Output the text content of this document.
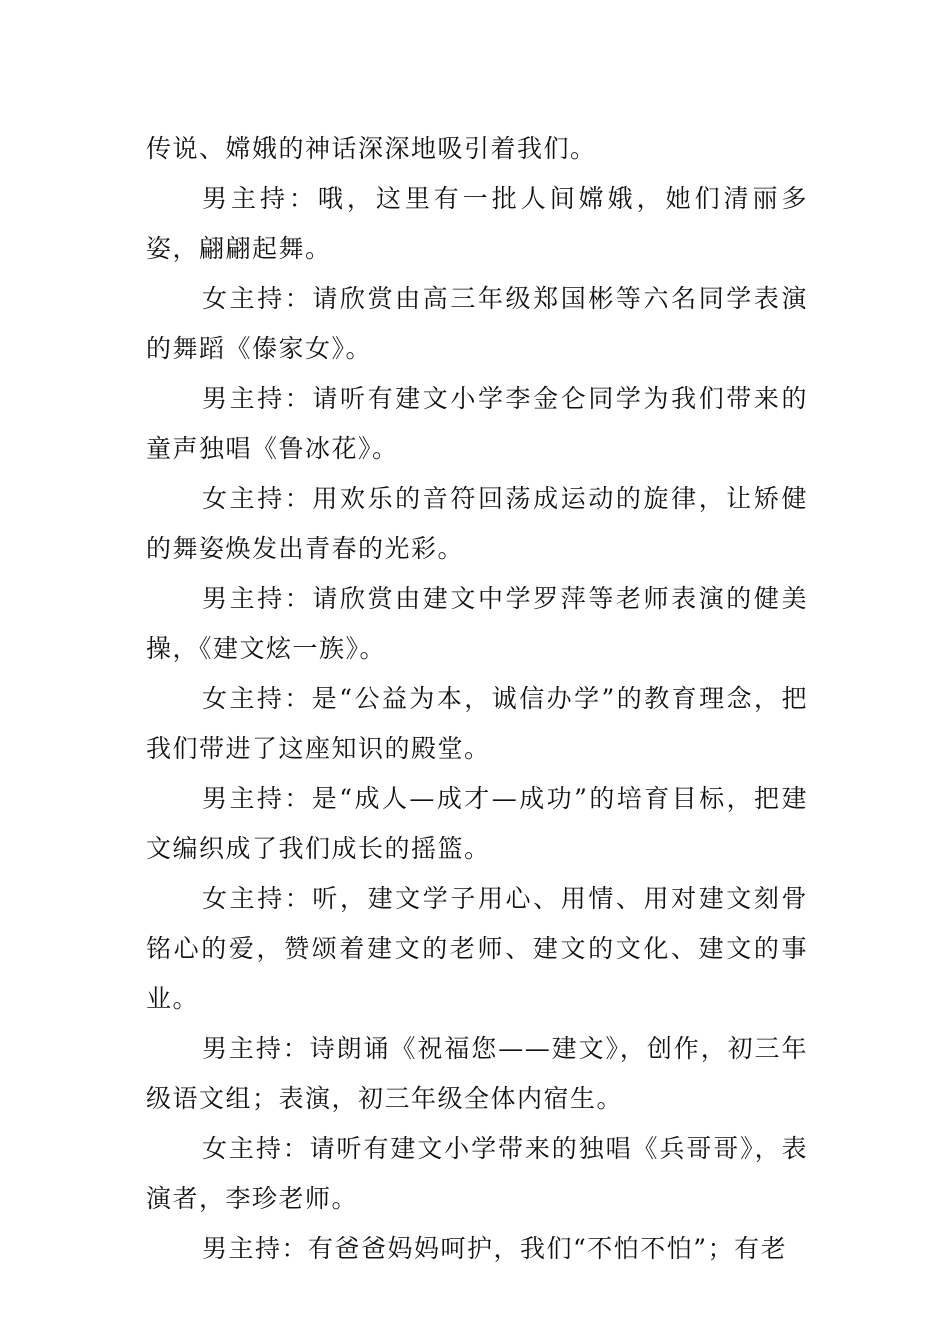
传说、嫦娥的神话深深地吸引着我们。

男主持：哦，这里有一批人间嫦娥，她们清丽多姿，翩翩起舞。

女主持：请欣赏由高三年级郑国彬等六名同学表演的舞蹈《傣家女》。

男主持：请听有建文小学李金仑同学为我们带来的童声独唱《鲁冰花》。

女主持：用欢乐的音符回荡成运动的旋律，让矫健的舞姿焕发出青春的光彩。

男主持：请欣赏由建文中学罗萍等老师表演的健美操，《建文炫一族》。

女主持：是“公益为本，诚信办学”的教育理念，把我们带进了这座知识的殿堂。

男主持：是“成人—成才—成功”的培育目标，把建文编织成了我们成长的摇篮。

女主持：听，建文学子用心、用情、用对建文刻骨铭心的爱，赞颂着建文的老师、建文的文化、建文的事业。

男主持：诗朗诵《祝福您——建文》，创作，初三年级语文组；表演，初三年级全体内宿生。

女主持：请听有建文小学带来的独唱《兵哥哥》，表演者，李珍老师。

男主持：有爸爸妈妈呵护，我们“不怕不怕”；有老
